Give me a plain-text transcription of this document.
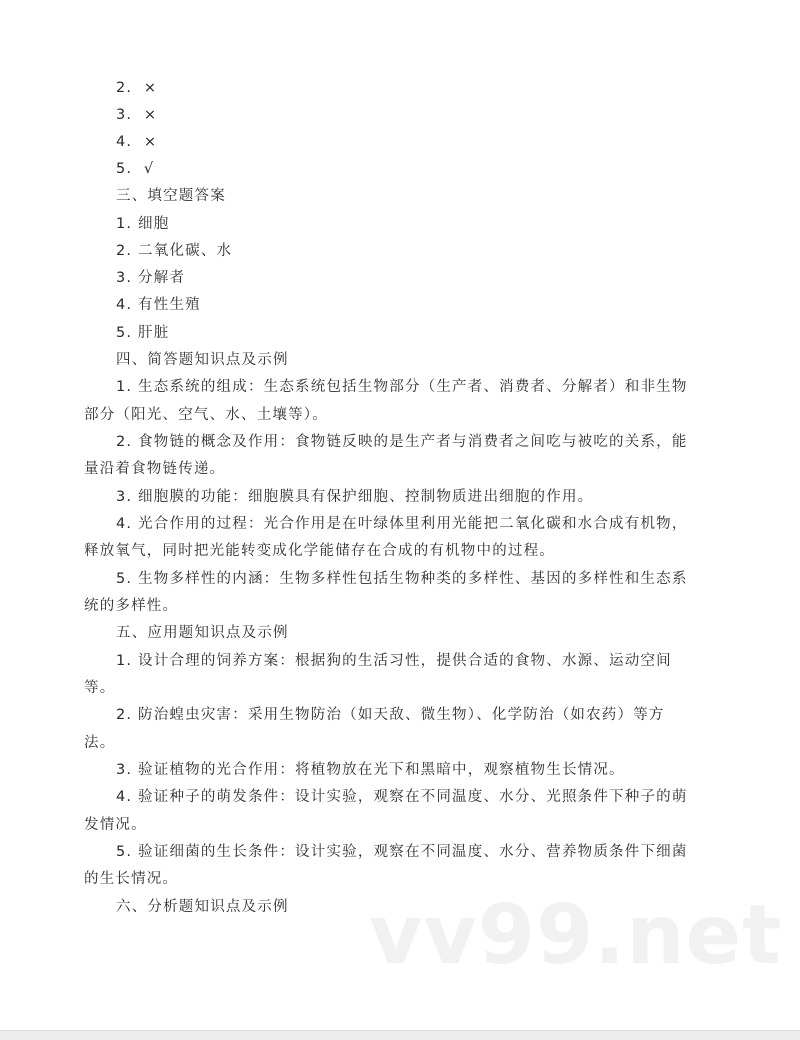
2. ×
3. ×
4. ×
5. √
三、填空题答案
1. 细胞
2. 二氧化碳、水
3. 分解者
4. 有性生殖
5. 肝脏
四、简答题知识点及示例
1. 生态系统的组成：生态系统包括生物部分（生产者、消费者、分解者）和非生物
部分（阳光、空气、水、土壤等）。
2. 食物链的概念及作用：食物链反映的是生产者与消费者之间吃与被吃的关系，能
量沿着食物链传递。
3. 细胞膜的功能：细胞膜具有保护细胞、控制物质进出细胞的作用。
4. 光合作用的过程：光合作用是在叶绿体里利用光能把二氧化碳和水合成有机物，
释放氧气，同时把光能转变成化学能储存在合成的有机物中的过程。
5. 生物多样性的内涵：生物多样性包括生物种类的多样性、基因的多样性和生态系
统的多样性。
五、应用题知识点及示例
1. 设计合理的饲养方案：根据狗的生活习性，提供合适的食物、水源、运动空间
等。
2. 防治蝗虫灾害：采用生物防治（如天敌、微生物）、化学防治（如农药）等方
法。
3. 验证植物的光合作用：将植物放在光下和黑暗中，观察植物生长情况。
4. 验证种子的萌发条件：设计实验，观察在不同温度、水分、光照条件下种子的萌
发情况。
5. 验证细菌的生长条件：设计实验，观察在不同温度、水分、营养物质条件下细菌
的生长情况。
六、分析题知识点及示例 vv99.net
